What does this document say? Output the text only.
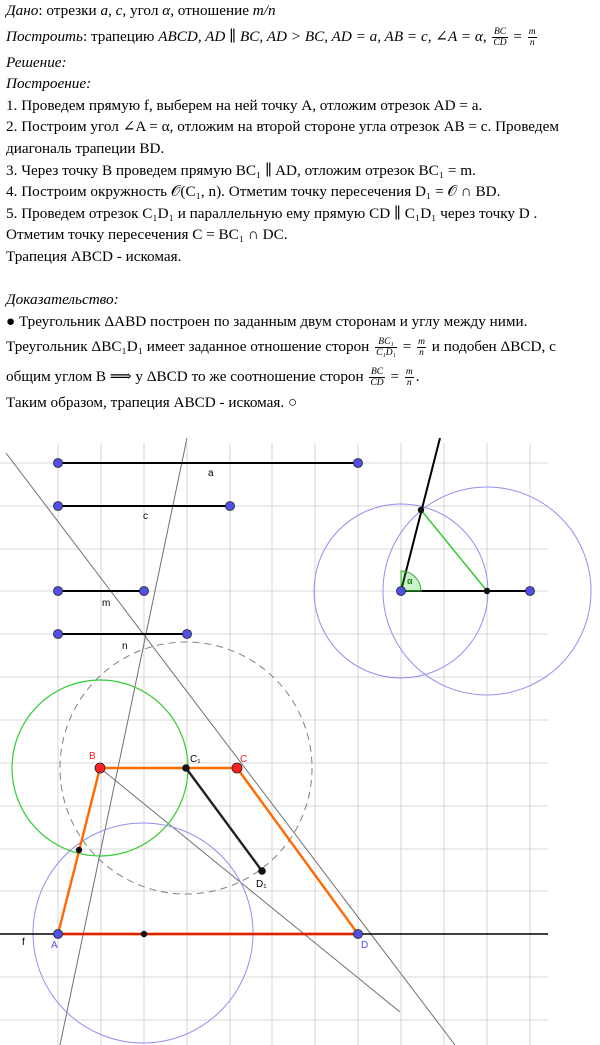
Дано: отрезки a, c, угол α, отношение m/n
Построить: трапецию ABCD, AD ∥ BC, AD > BC, AD = a, AB = c, ∠A = α, $\frac{BC}{CD} = \frac{m}{n}$
Решение:
Построение:
1. Проведем прямую f, выберем на ней точку A, отложим отрезок AD = a.
2. Построим угол ∠A = α, отложим на второй стороне угла отрезок AB = c. Проведем диагональ трапеции BD.
3. Через точку B проведем прямую BC₁ ∥ AD, отложим отрезок BC₁ = m.
4. Построим окружность 𝒪(C₁, n). Отметим точку пересечения D₁ = 𝒪 ∩ BD.
5. Проведем отрезок C₁D₁ и параллельную ему прямую CD ∥ C₁D₁ через точку D .
Отметим точку пересечения C = BC₁ ∩ DC.
Трапеция ABCD - искомая.
Доказательство:
● Треугольник ΔABD построен по заданным двум сторонам и углу между ними.
Треугольник ΔBC₁D₁ имеет заданное отношение сторон $\frac{\text{BC₁}}{\text{C₁D₁}} = \frac{m}{n}$ и подобен ΔBCD, с
общим углом B ⟹ у ΔBCD то же соотношение сторон $\frac{BC}{CD} = \frac{m}{n}$ .
Таким образом, трапеция ABCD - искомая. ○
a
c
m
n
α
f	A	D
B	C
C₁
D₁
